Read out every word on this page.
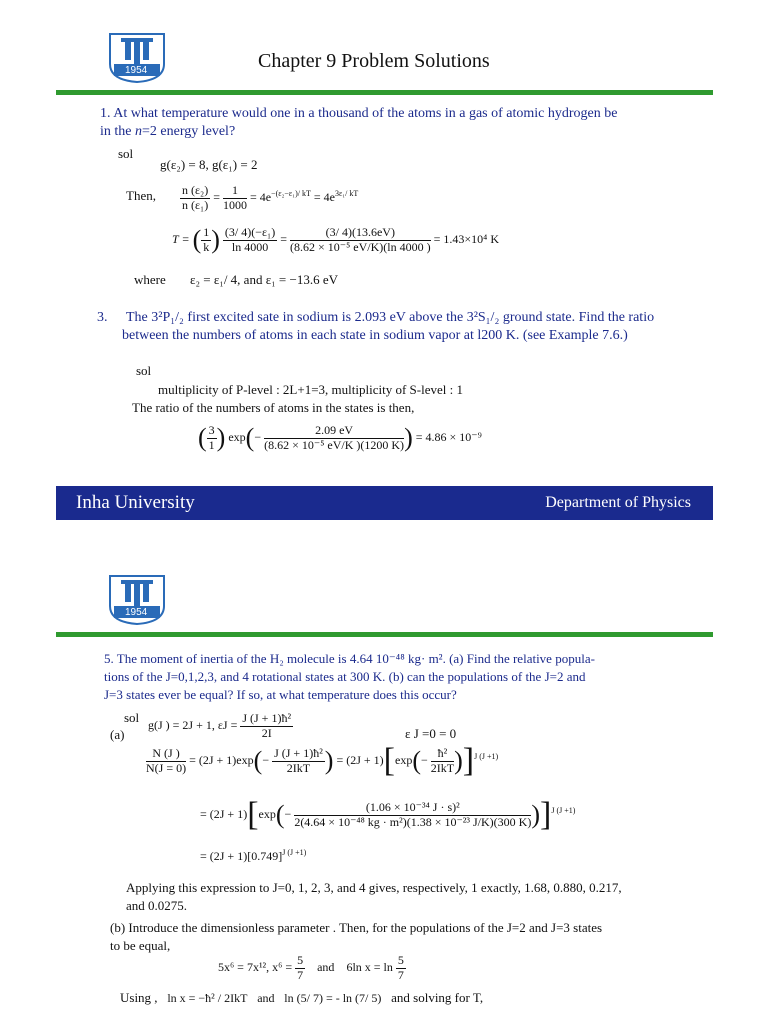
1954	Chapter 9 Problem Solutions
1. At what temperature would one in a thousand of the atoms in a gas of atomic hydrogen be
in the n=2 energy level?
sol
g(ε₂) = 8, g(ε₁) = 2
Then, $\frac{\text{n (ε₂)}}{\text{n (ε₁)}} = \frac{1}{1000} = 4e^{-(\varepsilon_2-\varepsilon_1)/ kT} = 4e^{3\varepsilon_1/ kT}$
T = ( $\frac{1}{k}$ ) $\frac{\text{(3/ 4)(−ε₁)}}{\ln 4000} = \frac{(3/ 4)(13.6eV)}{\text{(8.62 × 10⁻⁵ eV/K)(ln 4000 )}} = 1.43\times 10^4$ K
where ε₂ = ε₁/ 4, and ε₁ = −13.6 eV
3. The 3²P₁/₂ first excited sate in sodium is 2.093 eV above the 3²S₁/₂ ground state. Find the ratio
between the numbers of atoms in each state in sodium vapor at l200 K. (see Example 7.6.)
sol
multiplicity of P-level : 2L+1=3, multiplicity of S-level : 1
The ratio of the numbers of atoms in the states is then,
( $\frac{3}{1}$ ) $\exp(- \frac{2.09 eV}{\text{(8.62 × 10⁻⁵ eV/K )(1200 K)}}$ ) = 4.86 × 10⁻⁹
Inha University	Department of Physics
1954
5. The moment of inertia of the H₂ molecule is 4.64 10⁻⁴⁸ kg· m². (a) Find the relative popula-
tions of the J=0,1,2,3, and 4 rotational states at 300 K. (b) can the populations of the J=2 and
J=3 states ever be equal? If so, at what temperature does this occur?
sol
(a)
g(J ) = 2J + 1, $\varepsilon J = \frac{\text{J (J + 1)ħ²}}{2I}$	ε J =0 = 0
$\frac{N (J )}{N(J = 0)} = (2J + 1)\exp(- \frac{\text{J (J + 1)ħ²}}{\text{2IkT}}$ ) = $(2J + 1)[\exp(- \frac{\text{ħ²}}{\text{2IkT}} )]^{J (J +1)}$
= $(2J + 1)[\exp(- \frac{\text{(1.06 × 10⁻³⁴ J · s)²}}{\text{2(4.64 × 10⁻⁴⁸ kg · m²)(1.38 × 10⁻²³ J/K)(300 K)}} )]^{J (J +1)}$
= $(2J + 1)[0.749]^{J (J +1)}$
Applying this expression to J=0, 1, 2, 3, and 4 gives, respectively, 1 exactly, 1.68, 0.880, 0.217,
and 0.0275.
(b) Introduce the dimensionless parameter . Then, for the populations of the J=2 and J=3 states
to be equal,
5x⁶ = 7x¹², $x^6 = \frac{5}{7}$ and 6ln $x = \ln \frac{5}{7}$
Using , ln x = −ħ² / 2IkT and ln (5/ 7) = - ln (7/ 5) and solving for T,
